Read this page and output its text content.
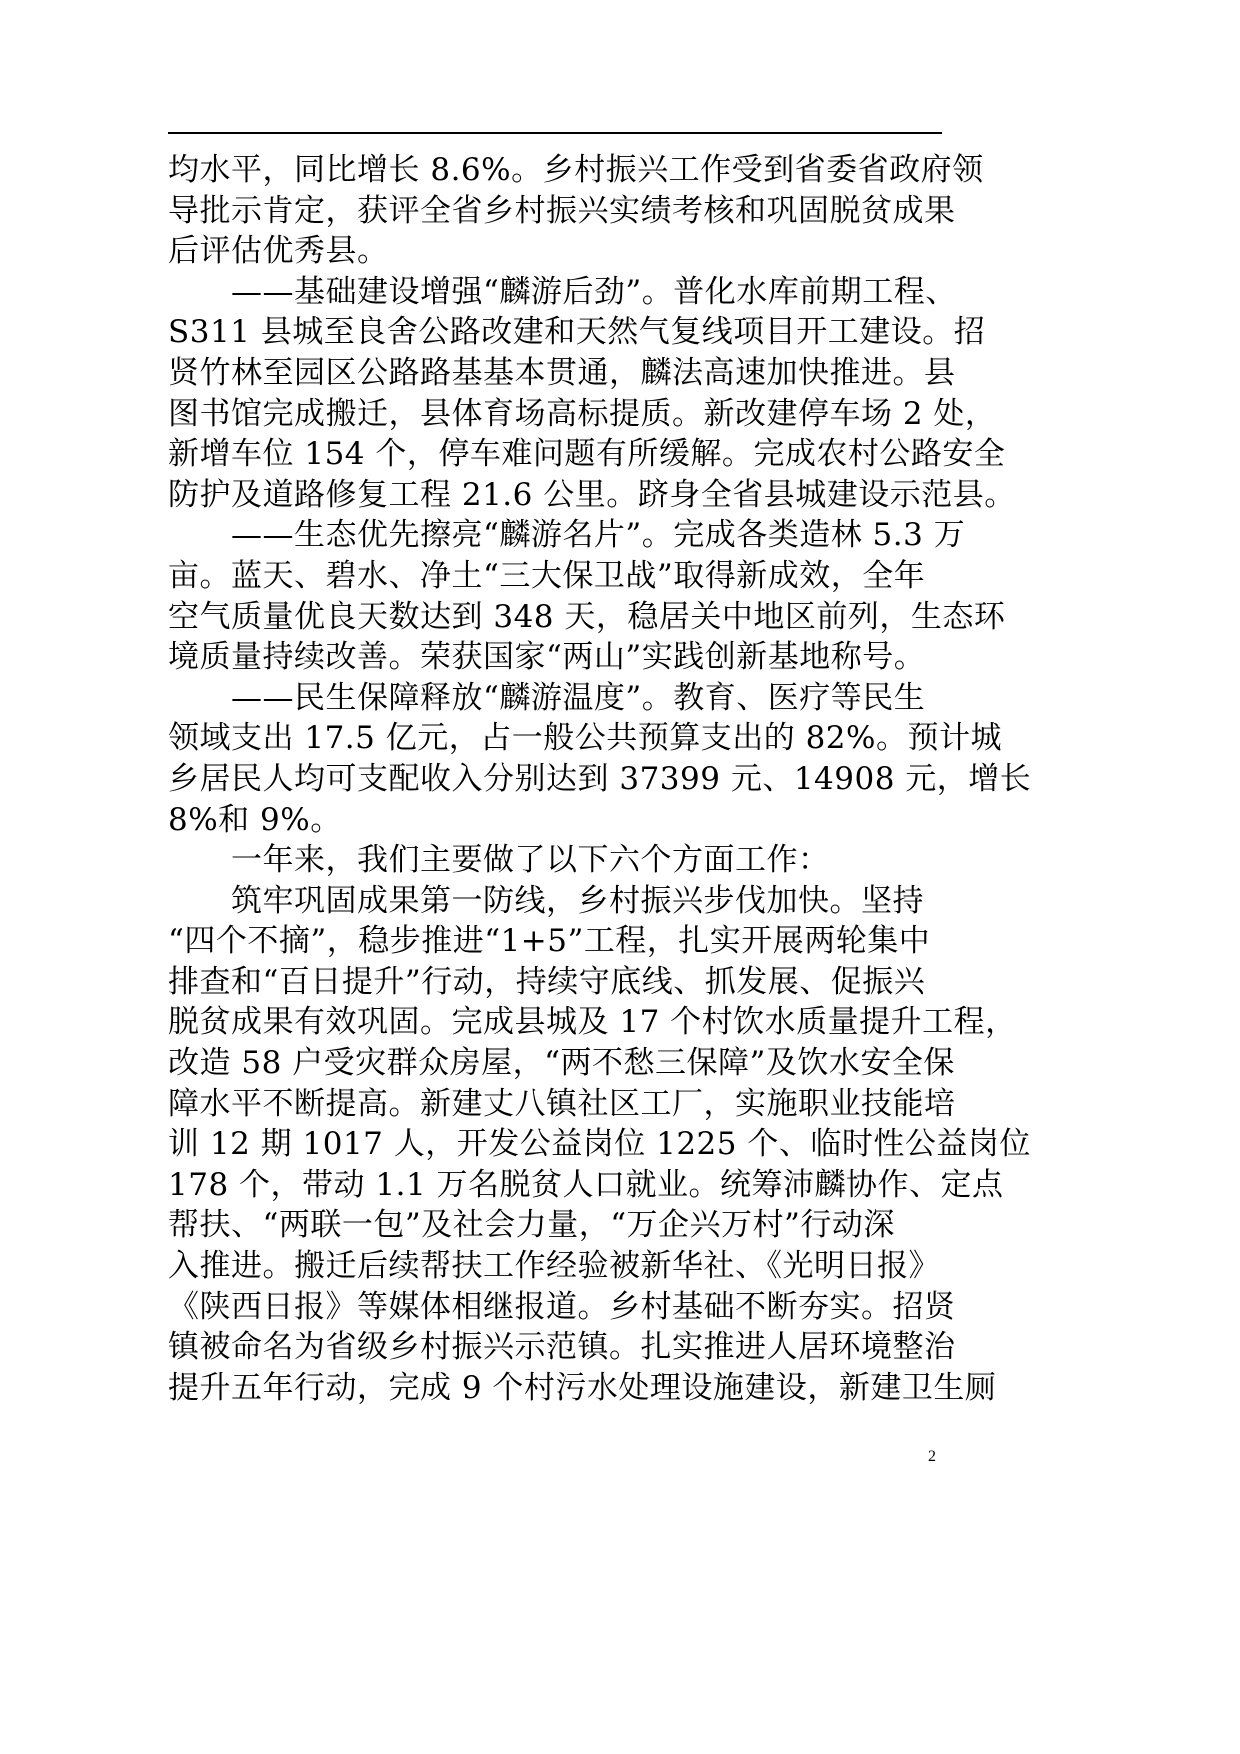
均水平，同比增长 8.6%。乡村振兴工作受到省委省政府领
导批示肯定，获评全省乡村振兴实绩考核和巩固脱贫成果
后评估优秀县。
　　——基础建设增强“麟游后劲”。普化水库前期工程、
S311 县城至良舍公路改建和天然气复线项目开工建设。招
贤竹林至园区公路路基基本贯通，麟法高速加快推进。县
图书馆完成搬迁，县体育场高标提质。新改建停车场 2 处，
新增车位 154 个，停车难问题有所缓解。完成农村公路安全
防护及道路修复工程 21.6 公里。跻身全省县城建设示范县。
　　——生态优先擦亮“麟游名片”。完成各类造林 5.3 万
亩。蓝天、碧水、净土“三大保卫战”取得新成效，全年
空气质量优良天数达到 348 天，稳居关中地区前列，生态环
境质量持续改善。荣获国家“两山”实践创新基地称号。
　　——民生保障释放“麟游温度”。教育、医疗等民生
领域支出 17.5 亿元，占一般公共预算支出的 82%。预计城
乡居民人均可支配收入分别达到 37399 元、14908 元，增长
8%和 9%。
　　一年来，我们主要做了以下六个方面工作：
　　筑牢巩固成果第一防线，乡村振兴步伐加快。坚持
“四个不摘”，稳步推进“1+5”工程，扎实开展两轮集中
排查和“百日提升”行动，持续守底线、抓发展、促振兴
脱贫成果有效巩固。完成县城及 17 个村饮水质量提升工程，
改造 58 户受灾群众房屋，“两不愁三保障”及饮水安全保
障水平不断提高。新建丈八镇社区工厂，实施职业技能培
训 12 期 1017 人，开发公益岗位 1225 个、临时性公益岗位
178 个，带动 1.1 万名脱贫人口就业。统筹沛麟协作、定点
帮扶、“两联一包”及社会力量，“万企兴万村”行动深
入推进。搬迁后续帮扶工作经验被新华社、《光明日报》
《陕西日报》等媒体相继报道。乡村基础不断夯实。招贤
镇被命名为省级乡村振兴示范镇。扎实推进人居环境整治
提升五年行动，完成 9 个村污水处理设施建设，新建卫生厕
2
